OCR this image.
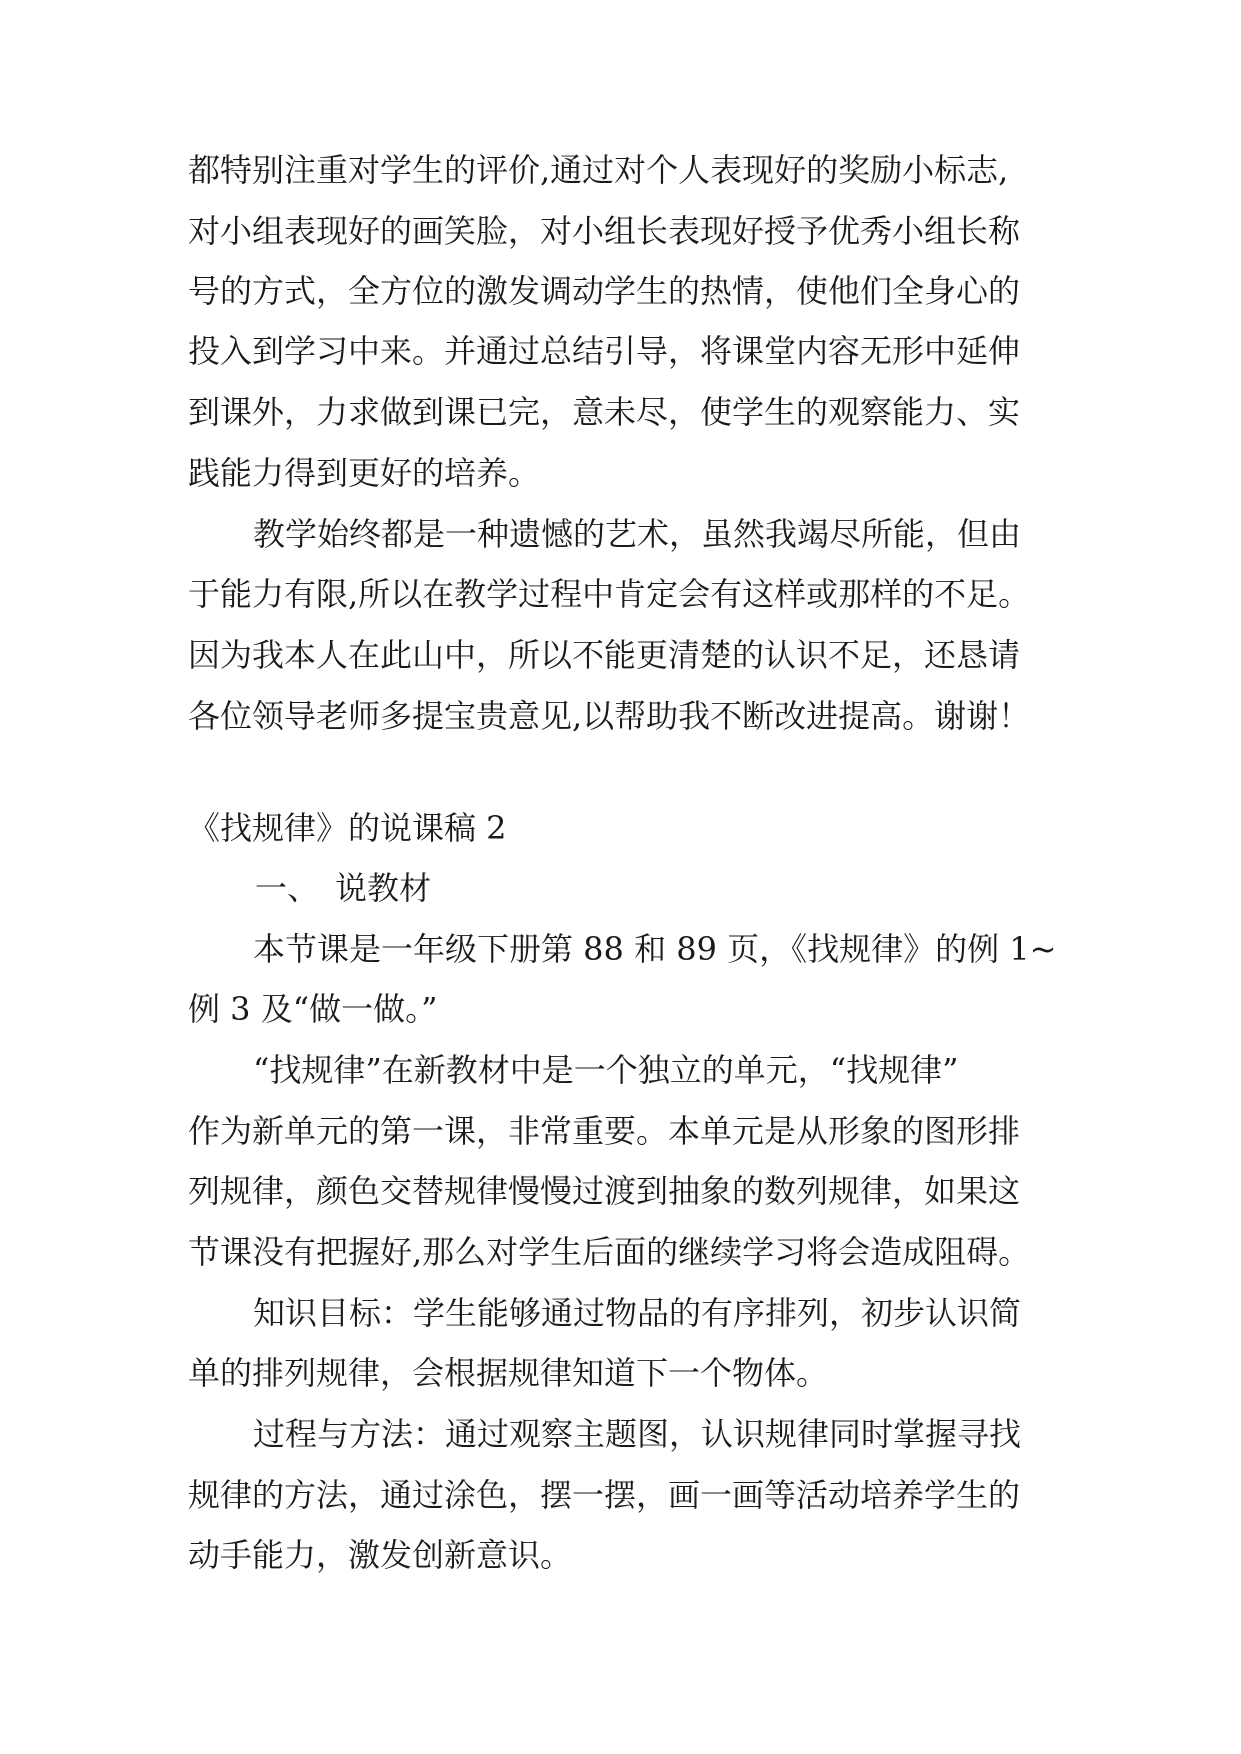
都特别注重对学生的评价,通过对个人表现好的奖励小标志,
对小组表现好的画笑脸，对小组长表现好授予优秀小组长称
号的方式，全方位的激发调动学生的热情，使他们全身心的
投入到学习中来。并通过总结引导，将课堂内容无形中延伸
到课外，力求做到课已完，意未尽，使学生的观察能力、实
践能力得到更好的培养。
教学始终都是一种遗憾的艺术，虽然我竭尽所能，但由
于能力有限,所以在教学过程中肯定会有这样或那样的不足。
因为我本人在此山中，所以不能更清楚的认识不足，还恳请
各位领导老师多提宝贵意见,以帮助我不断改进提高。谢谢！
《找规律》的说课稿 2
一、　说教材
本节课是一年级下册第 88 和 89 页，《找规律》的例 1~
例 3 及“做一做。”
“找规律”在新教材中是一个独立的单元，“找规律”
作为新单元的第一课，非常重要。本单元是从形象的图形排
列规律，颜色交替规律慢慢过渡到抽象的数列规律，如果这
节课没有把握好,那么对学生后面的继续学习将会造成阻碍。
知识目标：学生能够通过物品的有序排列，初步认识简
单的排列规律，会根据规律知道下一个物体。
过程与方法：通过观察主题图，认识规律同时掌握寻找
规律的方法，通过涂色，摆一摆，画一画等活动培养学生的
动手能力，激发创新意识。
